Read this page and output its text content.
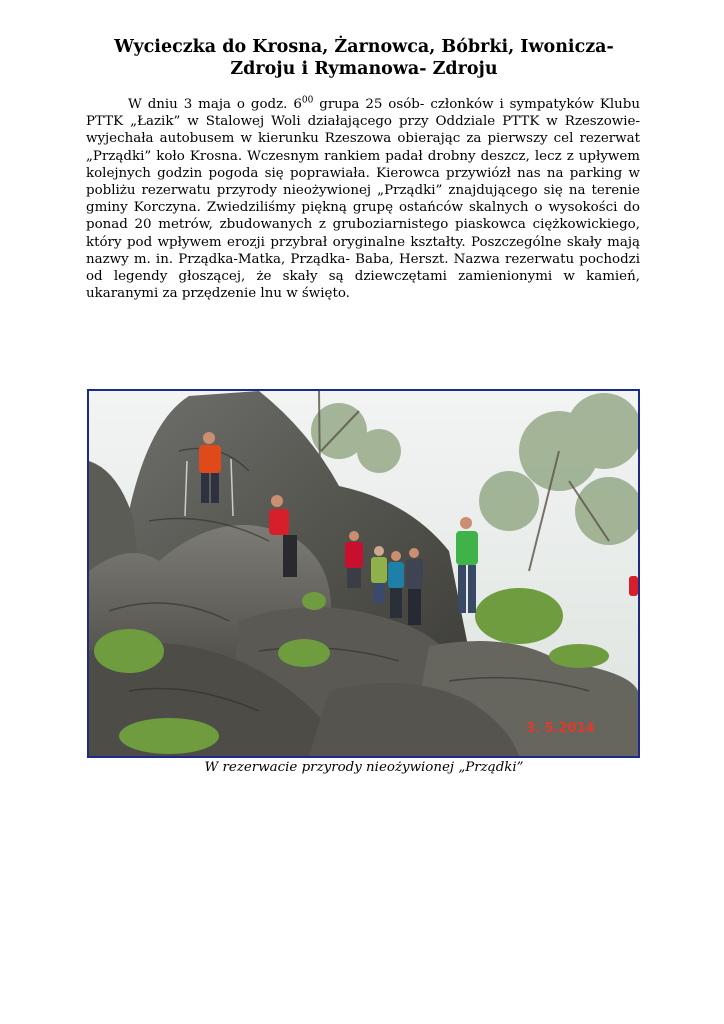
Wycieczka do Krosna, Żarnowca, Bóbrki, Iwonicza-
Zdroju i Rymanowa- Zdroju

W dniu 3 maja o godz. $6^{00}$ grupa 25 osób- członków i sympatyków Klubu PTTK „Łazik” w Stalowej Woli działającego przy Oddziale PTTK w Rzeszowie- wyjechała autobusem w kierunku Rzeszowa obierając za pierwszy cel rezerwat „Prządki” koło Krosna. Wczesnym rankiem padał drobny deszcz, lecz z upływem kolejnych godzin pogoda się poprawiała. Kierowca przywiózł nas na parking w pobliżu rezerwatu przyrody nieożywionej „Prządki” znajdującego się na terenie gminy Korczyna. Zwiedziliśmy piękną grupę ostańców skalnych o wysokości do ponad 20 metrów, zbudowanych z gruboziarnistego piaskowca ciężkowickiego, który pod wpływem erozji przybrał oryginalne kształty. Poszczególne skały mają nazwy m. in. Prządka-Matka, Prządka- Baba, Herszt. Nazwa rezerwatu pochodzi od legendy głoszącej, że skały są dziewczętami zamienionymi w kamień, ukaranymi za przędzenie lnu w święto.

3. 5.2014

W rezerwacie przyrody nieożywionej „Prządki”
